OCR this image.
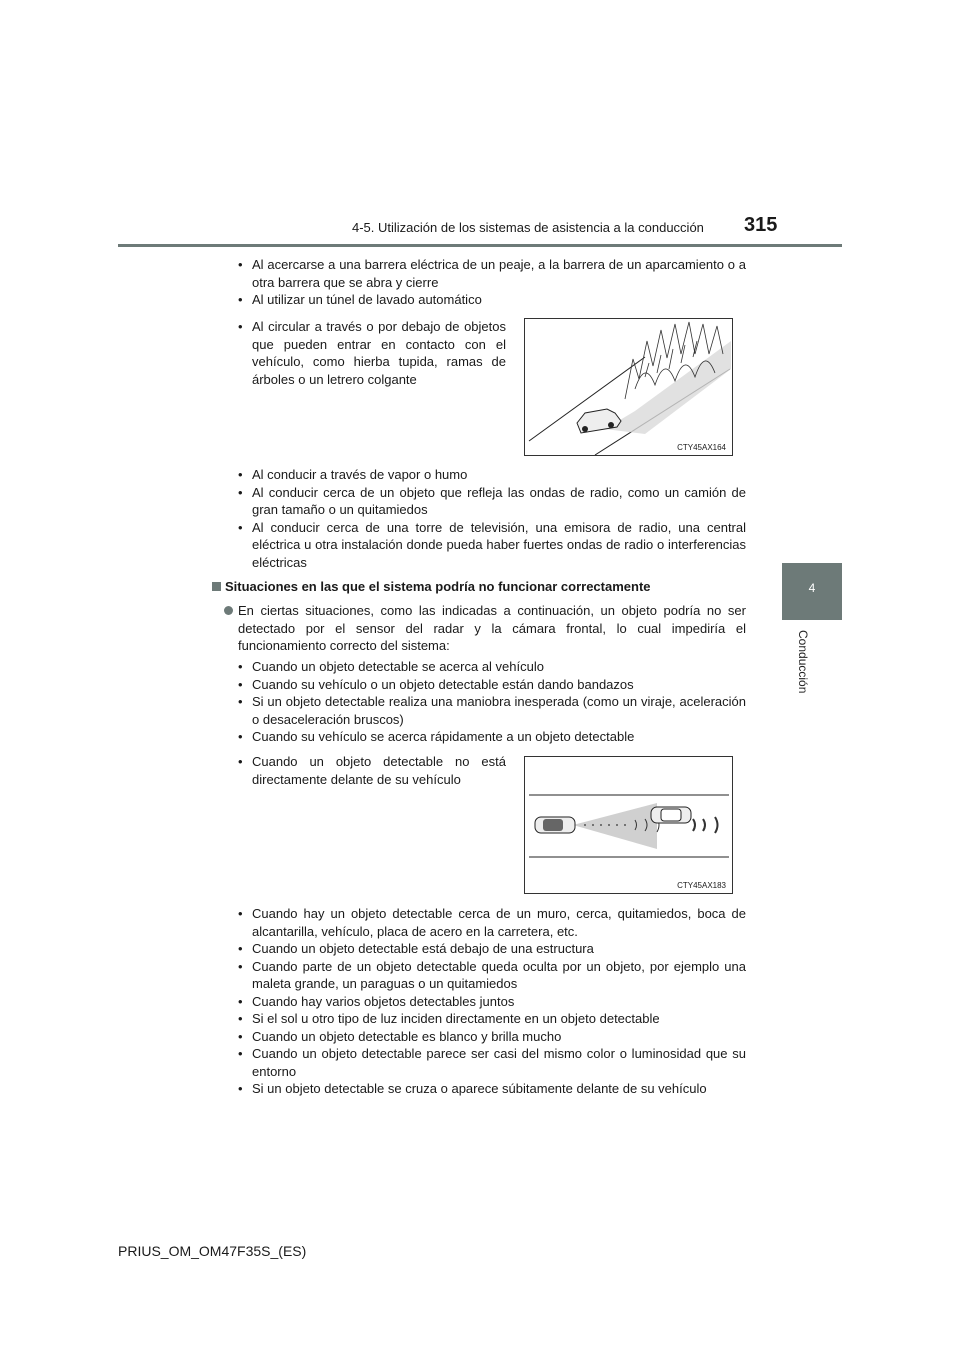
4-5. Utilización de los sistemas de asistencia a la conducción 315
4
Conducción
• Al acercarse a una barrera eléctrica de un peaje, a la barrera de un aparcamiento o a otra barrera que se abra y cierre
• Al utilizar un túnel de lavado automático
• Al circular a través o por debajo de objetos que pueden entrar en contacto con el vehículo, como hierba tupida, ramas de árboles o un letrero colgante
CTY45AX164
• Al conducir a través de vapor o humo
• Al conducir cerca de un objeto que refleja las ondas de radio, como un camión de gran tamaño o un quitamiedos
• Al conducir cerca de una torre de televisión, una emisora de radio, una central eléctrica u otra instalación donde pueda haber fuertes ondas de radio o interferencias eléctricas
Situaciones en las que el sistema podría no funcionar correctamente
En ciertas situaciones, como las indicadas a continuación, un objeto podría no ser detectado por el sensor del radar y la cámara frontal, lo cual impediría el funcionamiento correcto del sistema:
• Cuando un objeto detectable se acerca al vehículo
• Cuando su vehículo o un objeto detectable están dando bandazos
• Si un objeto detectable realiza una maniobra inesperada (como un viraje, aceleración o desaceleración bruscos)
• Cuando su vehículo se acerca rápidamente a un objeto detectable
• Cuando un objeto detectable no está directamente delante de su vehículo
CTY45AX183
• Cuando hay un objeto detectable cerca de un muro, cerca, quitamiedos, boca de alcantarilla, vehículo, placa de acero en la carretera, etc.
• Cuando un objeto detectable está debajo de una estructura
• Cuando parte de un objeto detectable queda oculta por un objeto, por ejemplo una maleta grande, un paraguas o un quitamiedos
• Cuando hay varios objetos detectables juntos
• Si el sol u otro tipo de luz inciden directamente en un objeto detectable
• Cuando un objeto detectable es blanco y brilla mucho
• Cuando un objeto detectable parece ser casi del mismo color o luminosidad que su entorno
• Si un objeto detectable se cruza o aparece súbitamente delante de su vehículo
PRIUS_OM_OM47F35S_(ES)
